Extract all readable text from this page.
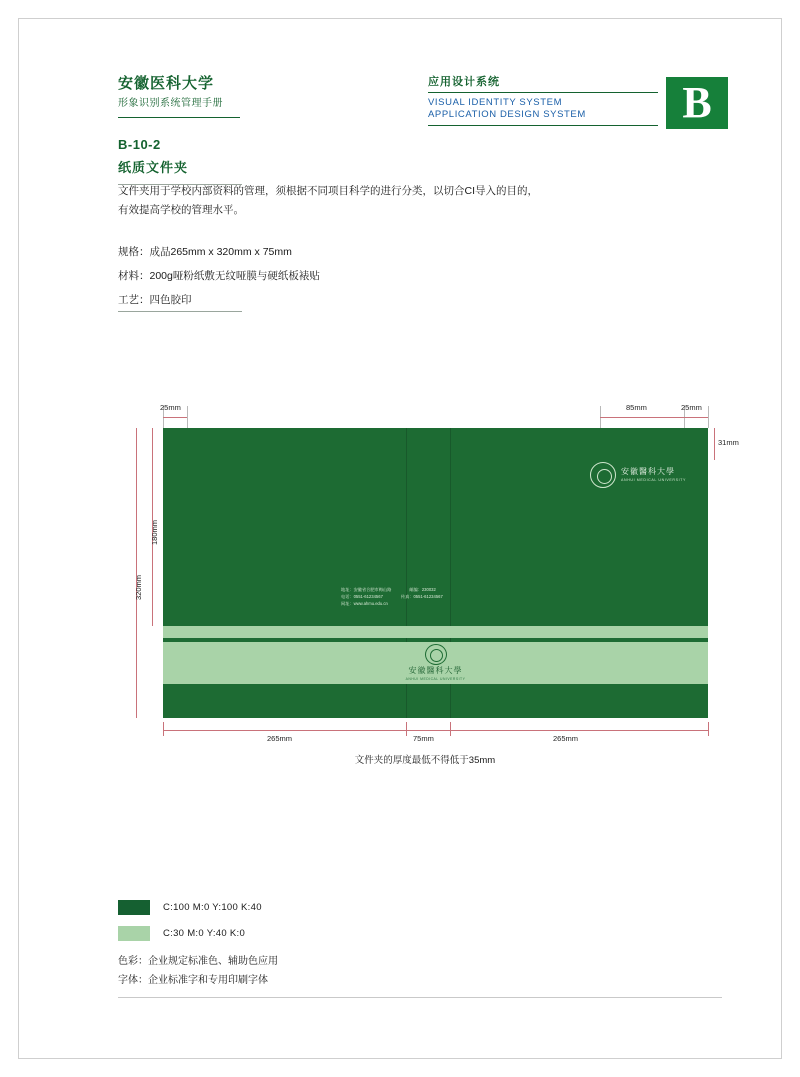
安徽医科大学
形象识别系统管理手册
应用设计系统
VISUAL IDENTITY SYSTEM
APPLICATION DESIGN SYSTEM	B
B-10-2
纸质文件夹
文件夹用于学校内部资料的管理，须根据不同项目科学的进行分类，以切合CI导入的目的，有效提高学校的管理水平。
规格：成品265mm x 320mm x 75mm
材料：200g哑粉纸敷无纹哑膜与硬纸板裱贴
工艺：四色胶印
25mm	85mm	25mm
31mm
180mm
320mm
安徽醫科大學
ANHUI MEDICAL UNIVERSITY
地址：安徽省合肥市梅山路	邮编：230032
电话：0551-61234567	传真：0551-61234567
网址：www.ahmu.edu.cn
安徽醫科大學
ANHUI MEDICAL UNIVERSITY
265mm	75mm	265mm
文件夹的厚度最低不得低于35mm
C:100 M:0 Y:100 K:40
C:30 M:0 Y:40 K:0
色彩：企业规定标准色、辅助色应用
字体：企业标准字和专用印刷字体
